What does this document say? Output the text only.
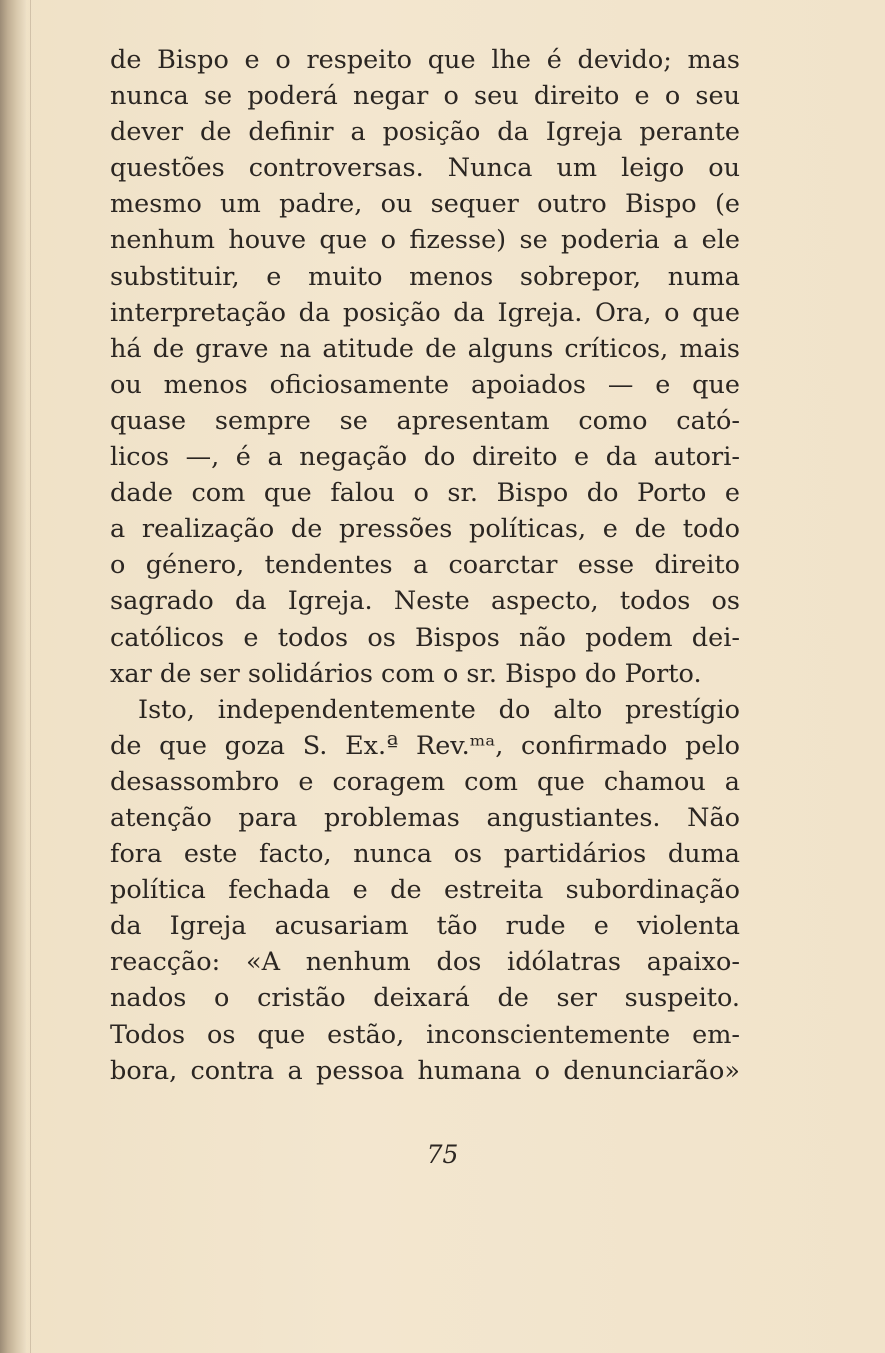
de Bispo e o respeito que lhe é devido; mas
nunca se poderá negar o seu direito e o seu
dever de definir a posição da Igreja perante
questões controversas. Nunca um leigo ou
mesmo um padre, ou sequer outro Bispo (e
nenhum houve que o fizesse) se poderia a ele
substituir, e muito menos sobrepor, numa
interpretação da posição da Igreja. Ora, o que
há de grave na atitude de alguns críticos, mais
ou menos oficiosamente apoiados — e que
quase sempre se apresentam como cató-
licos —, é a negação do direito e da autori-
dade com que falou o sr. Bispo do Porto e
a realização de pressões políticas, e de todo
o género, tendentes a coarctar esse direito
sagrado da Igreja. Neste aspecto, todos os
católicos e todos os Bispos não podem dei-
xar de ser solidários com o sr. Bispo do Porto.
Isto, independentemente do alto prestígio
de que goza S. Ex.ª Rev.ᵐᵃ, confirmado pelo
desassombro e coragem com que chamou a
atenção para problemas angustiantes. Não
fora este facto, nunca os partidários duma
política fechada e de estreita subordinação
da Igreja acusariam tão rude e violenta
reacção: «A nenhum dos idólatras apaixo-
nados o cristão deixará de ser suspeito.
Todos os que estão, inconscientemente em-
bora, contra a pessoa humana o denunciarão»
75
